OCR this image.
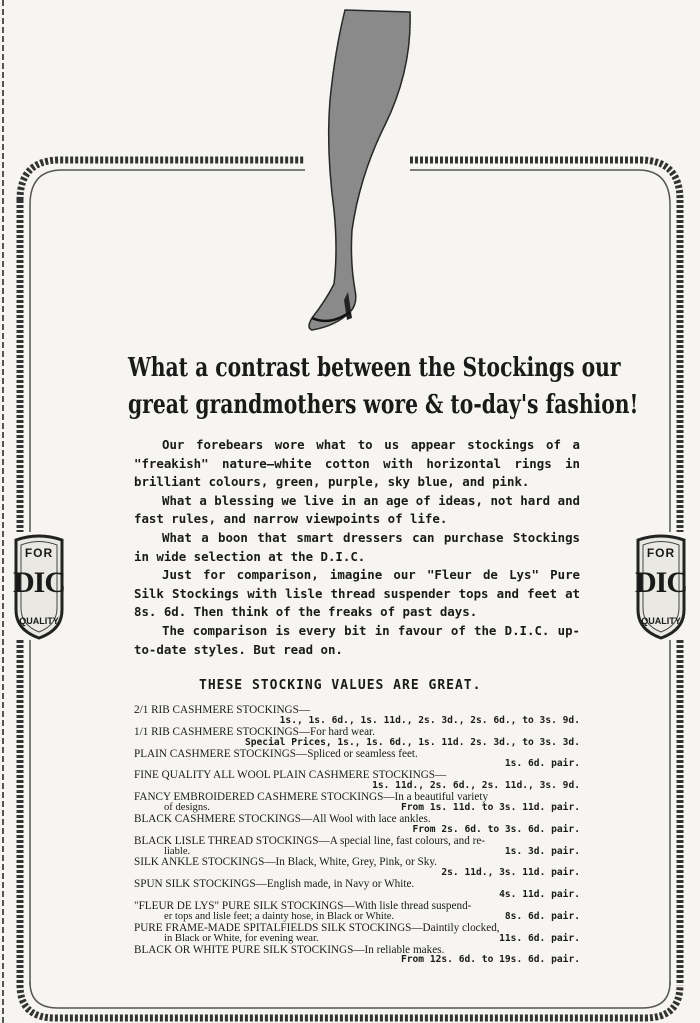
FOR
DIC
QUALITY
FOR
DIC
QUALITY
What a contrast between the Stockings our
great grandmothers wore & to-day's fashion!

Our forebears wore what to us appear stockings of a "freakish" nature—white cotton with horizontal rings in brilliant colours, green, purple, sky blue, and pink.

What a blessing we live in an age of ideas, not hard and fast rules, and narrow viewpoints of life.

What a boon that smart dressers can purchase Stockings in wide selection at the D.I.C.

Just for comparison, imagine our "Fleur de Lys" Pure Silk Stockings with lisle thread suspender tops and feet at 8s. 6d. Then think of the freaks of past days.

The comparison is every bit in favour of the D.I.C. up-to-date styles. But read on.

THESE STOCKING VALUES ARE GREAT.
2/1 RIB CASHMERE STOCKINGS—
1s., 1s. 6d., 1s. 11d., 2s. 3d., 2s. 6d., to 3s. 9d.
1/1 RIB CASHMERE STOCKINGS—For hard wear.
Special Prices, 1s., 1s. 6d., 1s. 11d. 2s. 3d., to 3s. 3d.
PLAIN CASHMERE STOCKINGS—Spliced or seamless feet.
1s. 6d. pair.
FINE QUALITY ALL WOOL PLAIN CASHMERE STOCKINGS—
1s. 11d., 2s. 6d., 2s. 11d., 3s. 9d.
FANCY EMBROIDERED CASHMERE STOCKINGS—In a beautiful variety
of designs.	From 1s. 11d. to 3s. 11d. pair.
BLACK CASHMERE STOCKINGS—All Wool with lace ankles.
From 2s. 6d. to 3s. 6d. pair.
BLACK LISLE THREAD STOCKINGS—A special line, fast colours, and re-
liable.	1s. 3d. pair.
SILK ANKLE STOCKINGS—In Black, White, Grey, Pink, or Sky.
2s. 11d., 3s. 11d. pair.
SPUN SILK STOCKINGS—English made, in Navy or White.
4s. 11d. pair.
"FLEUR DE LYS" PURE SILK STOCKINGS—With lisle thread suspend-
er tops and lisle feet; a dainty hose, in Black or White.	8s. 6d. pair.
PURE FRAME-MADE SPITALFIELDS SILK STOCKINGS—Daintily clocked,
in Black or White, for evening wear.	11s. 6d. pair.
BLACK OR WHITE PURE SILK STOCKINGS—In reliable makes.
From 12s. 6d. to 19s. 6d. pair.
